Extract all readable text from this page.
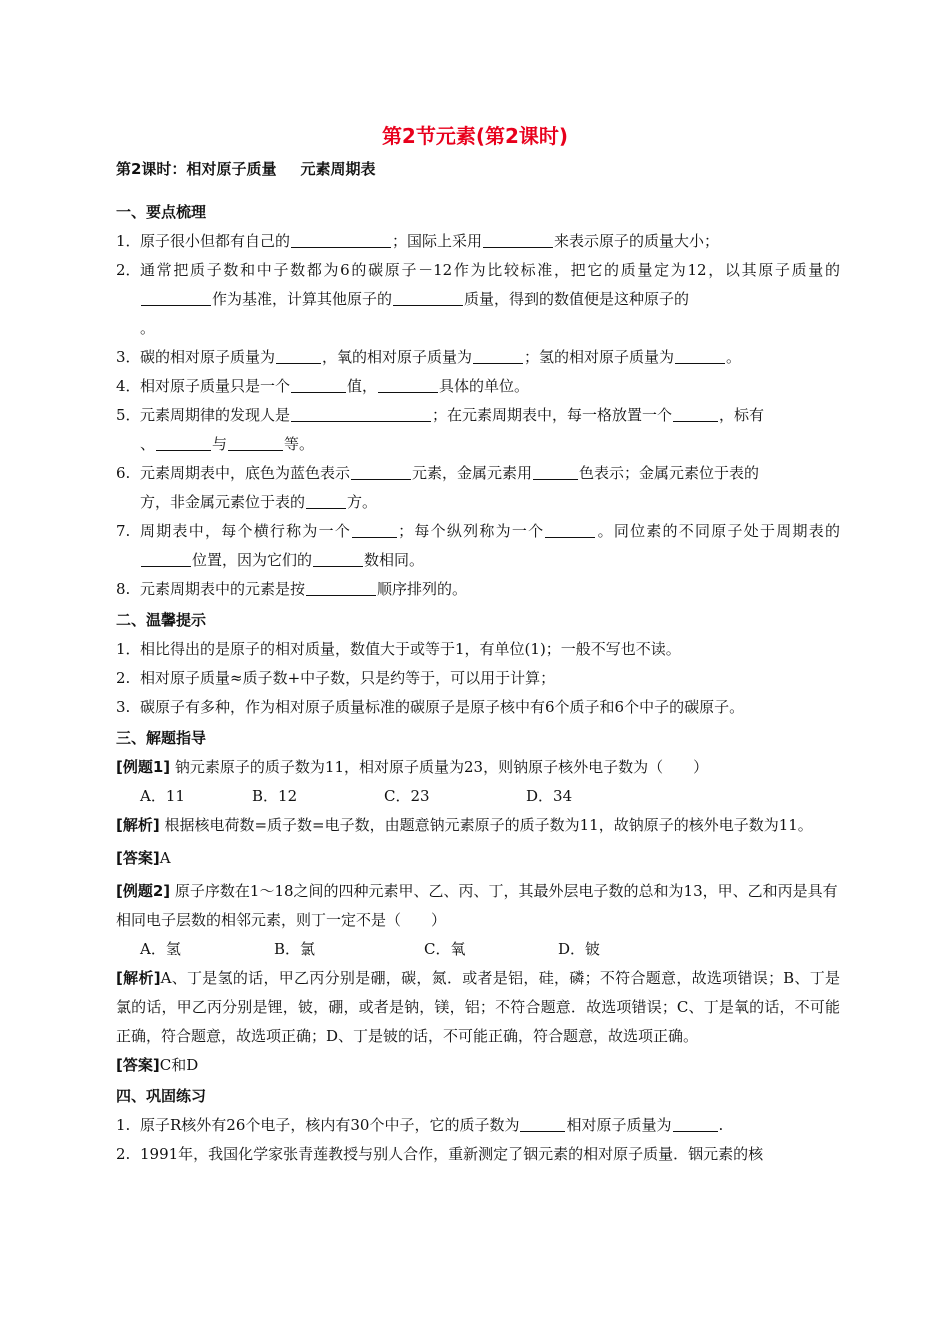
第2节元素(第2课时)
第2课时：相对原子质量 元素周期表
一、要点梳理
1． 原子很小但都有自己的	；国际上采用	来表示原子的质量大小；
2． 通常把质子数和中子数都为6的碳原子－12作为比较标准，把它的质量定为12，以其原子质量的作为基准，计算其他原子的	质量，得到的数值便是这种原子的
。
3． 碳的相对原子质量为	，氧的相对原子质量为	；氢的相对原子质量为	。
4． 相对原子质量只是一个	值，	具体的单位。
5． 元素周期律的发现人是	；在元素周期表中，每一格放置一个	，标有
、	与	等。
6. 元素周期表中，底色为蓝色表示	元素，金属元素用	色表示；金属元素位于表的
方，非金属元素位于表的	方。
7. 周期表中，每个横行称为一个	；每个纵列称为一个	。同位素的不同原子处于周期表的位置，因为它们的	数相同。
8. 元素周期表中的元素是按	顺序排列的。
二、温馨提示
1． 相比得出的是原子的相对质量，数值大于或等于1，有单位(1)；一般不写也不读。
2. 相对原子质量≈质子数+中子数，只是约等于，可以用于计算；
3. 碳原子有多种，作为相对原子质量标准的碳原子是原子核中有6个质子和6个中子的碳原子。
三、解题指导
[例题1] 钠元素原子的质子数为11，相对原子质量为23，则钠原子核外电子数为（　　）
A．11	B．12	C．23	D．34
[解析] 根据核电荷数=质子数=电子数，由题意钠元素原子的质子数为11，故钠原子的核外电子数为11。
[答案]A
[例题2] 原子序数在1～18之间的四种元素甲、乙、丙、丁，其最外层电子数的总和为13，甲、乙和丙是具有相同电子层数的相邻元素，则丁一定不是（　　）
A．氢	B．氯	C．氧	D．铍
[解析]A、丁是氢的话，甲乙丙分别是硼，碳，氮．或者是铝，硅，磷；不符合题意，故选项错误；B、丁是氯的话，甲乙丙分别是锂，铍，硼，或者是钠，镁，铝；不符合题意．故选项错误；C、丁是氧的话，不可能正确，符合题意，故选项正确；D、丁是铍的话，不可能正确，符合题意，故选项正确。
[答案]C和D
四、巩固练习
1. 原子R核外有26个电子，核内有30个中子，它的质子数为	相对原子质量为	.
2. 1991年，我国化学家张青莲教授与别人合作，重新测定了铟元素的相对原子质量．铟元素的核
